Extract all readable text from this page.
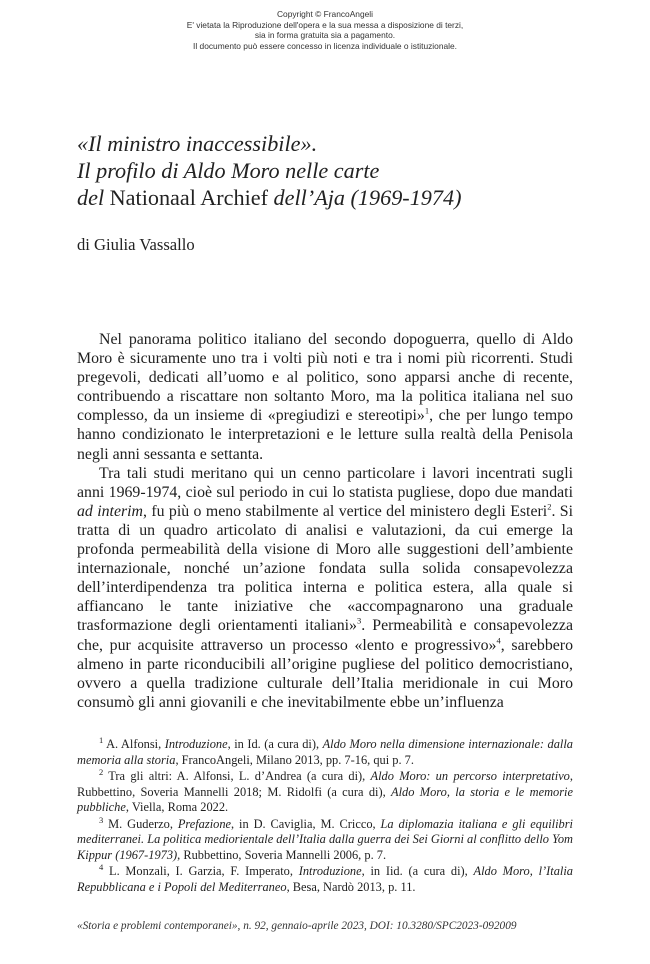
Copyright © FrancoAngeli
E' vietata la Riproduzione dell'opera e la sua messa a disposizione di terzi,
sia in forma gratuita sia a pagamento.
Il documento può essere concesso in licenza individuale o istituzionale.
«Il ministro inaccessibile».
Il profilo di Aldo Moro nelle carte
del Nationaal Archief dell’Aja (1969-1974)
di Giulia Vassallo

Nel panorama politico italiano del secondo dopoguerra, quello di Aldo Moro è sicuramente uno tra i volti più noti e tra i nomi più ricorrenti. Studi pregevoli, dedicati all’uomo e al politico, sono apparsi anche di recente, contribuendo a riscattare non soltanto Moro, ma la politica italiana nel suo complesso, da un insieme di «pregiudizi e stereotipi»$^1$, che per lungo tempo hanno condizionato le interpretazioni e le letture sulla realtà della Penisola negli anni sessanta e settanta.

Tra tali studi meritano qui un cenno particolare i lavori incentrati sugli anni 1969-1974, cioè sul periodo in cui lo statista pugliese, dopo due mandati ad interim, fu più o meno stabilmente al vertice del ministero degli Esteri$^2$. Si tratta di un quadro articolato di analisi e valutazioni, da cui emerge la profonda permeabilità della visione di Moro alle suggestioni dell’ambiente internazionale, nonché un’azione fondata sulla solida consapevolezza dell’interdipendenza tra politica interna e politica estera, alla quale si affiancano le tante iniziative che «accompagnarono una graduale trasformazione degli orientamenti italiani»$^3$. Permeabilità e consapevolezza che, pur acquisite attraverso un processo «lento e progressivo»$^4$, sarebbero almeno in parte riconducibili all’origine pugliese del politico democristiano, ovvero a quella tradizione culturale dell’Italia meridionale in cui Moro consumò gli anni giovanili e che inevitabilmente ebbe un’influenza

$^1$ A. Alfonsi, Introduzione, in Id. (a cura di), Aldo Moro nella dimensione internazionale: dalla memoria alla storia, FrancoAngeli, Milano 2013, pp. 7-16, qui p. 7.

$^2$ Tra gli altri: A. Alfonsi, L. d’Andrea (a cura di), Aldo Moro: un percorso interpretativo, Rubbettino, Soveria Mannelli 2018; M. Ridolfi (a cura di), Aldo Moro, la storia e le memorie pubbliche, Viella, Roma 2022.

$^3$ M. Guderzo, Prefazione, in D. Caviglia, M. Cricco, La diplomazia italiana e gli equilibri mediterranei. La politica mediorientale dell’Italia dalla guerra dei Sei Giorni al conflitto dello Yom Kippur (1967-1973), Rubbettino, Soveria Mannelli 2006, p. 7.

$^4$ L. Monzali, I. Garzia, F. Imperato, Introduzione, in Iid. (a cura di), Aldo Moro, l’Italia Repubblicana e i Popoli del Mediterraneo, Besa, Nardò 2013, p. 11.

«Storia e problemi contemporanei», n. 92, gennaio-aprile 2023, DOI: 10.3280/SPC2023-092009
